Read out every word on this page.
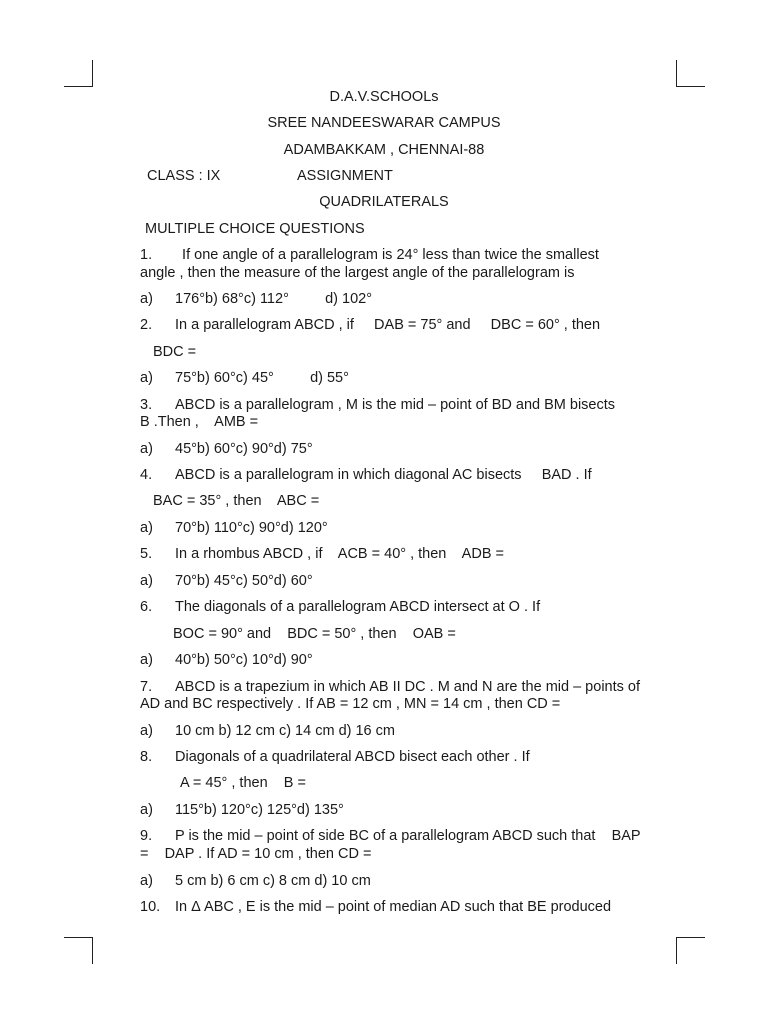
D.A.V.SCHOOLs
SREE NANDEESWARAR CAMPUS
ADAMBAKKAM , CHENNAI-88
CLASS : IX	ASSIGNMENT
QUADRILATERALS
MULTIPLE CHOICE QUESTIONS
1. If one angle of a parallelogram is 24° less than twice the smallest
angle , then the measure of the largest angle of the parallelogram is
a) 176°b) 68°c) 112°         d) 102°
2. In a parallelogram ABCD , if     DAB = 75° and     DBC = 60° , then
BDC =
a) 75°b) 60°c) 45°         d) 55°
3. ABCD is a parallelogram , M is the mid – point of BD and BM bisects
B .Then ,    AMB =
a) 45°b) 60°c) 90°d) 75°
4. ABCD is a parallelogram in which diagonal AC bisects     BAD . If
BAC = 35° , then    ABC =
a) 70°b) 110°c) 90°d) 120°
5. In a rhombus ABCD , if    ACB = 40° , then    ADB =
a) 70°b) 45°c) 50°d) 60°
6. The diagonals of a parallelogram ABCD intersect at O . If
BOC = 90° and    BDC = 50° , then    OAB =
a) 40°b) 50°c) 10°d) 90°
7. ABCD is a trapezium in which AB II DC . M and N are the mid – points of
AD and BC respectively . If AB = 12 cm , MN = 14 cm , then CD =
a) 10 cm b) 12 cm c) 14 cm d) 16 cm
8. Diagonals of a quadrilateral ABCD bisect each other . If
A = 45° , then    B =
a) 115°b) 120°c) 125°d) 135°
9. P is the mid – point of side BC of a parallelogram ABCD such that    BAP
=    DAP . If AD = 10 cm , then CD =
a) 5 cm b) 6 cm c) 8 cm d) 10 cm
10. In Δ ABC , E is the mid – point of median AD such that BE produced
